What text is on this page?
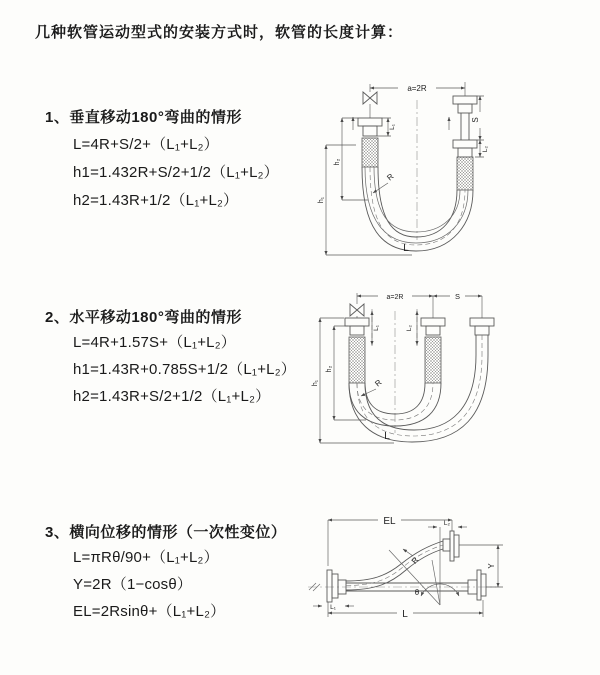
几种软管运动型式的安装方式时，软管的长度计算：
1、垂直移动180°弯曲的情形
L=4R+S/2+（L₁+L₂）
h1=1.432R+S/2+1/2（L₁+L₂）
h2=1.43R+1/2（L₁+L₂）
2、水平移动180°弯曲的情形
L=4R+1.57S+（L₁+L₂）
h1=1.43R+0.785S+1/2（L₁+L₂）
h2=1.43R+S/2+1/2（L₁+L₂）
3、横向位移的情形（一次性变位）
L=πRθ/90+（L₁+L₂）
Y=2R（1−cosθ）
EL=2Rsinθ+（L₁+L₂）
a=2R
S
L₂
L₁
h₁
h₂
R
L
a=2R	S
L₁	L₂
h₁
h₂
R
L
EL	L₂
Y
θ
R
L
L₁
